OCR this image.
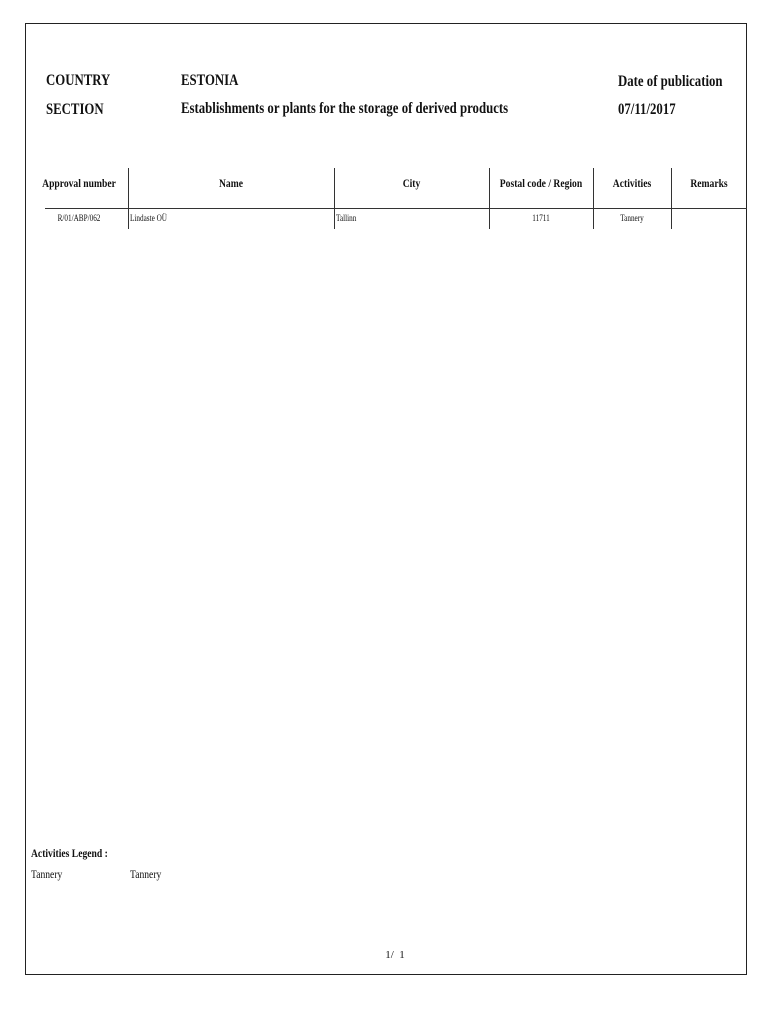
COUNTRY
SECTION
ESTONIA
Establishments or plants for the storage of derived products
Date of publication
07/11/2017
Approval number	Name	City	Postal code / Region	Activities	Remarks
R/01/ABP/062	Lindaste OÜ	Tallinn	11711	Tannery
Activities Legend :
Tannery	Tannery
1/  1
